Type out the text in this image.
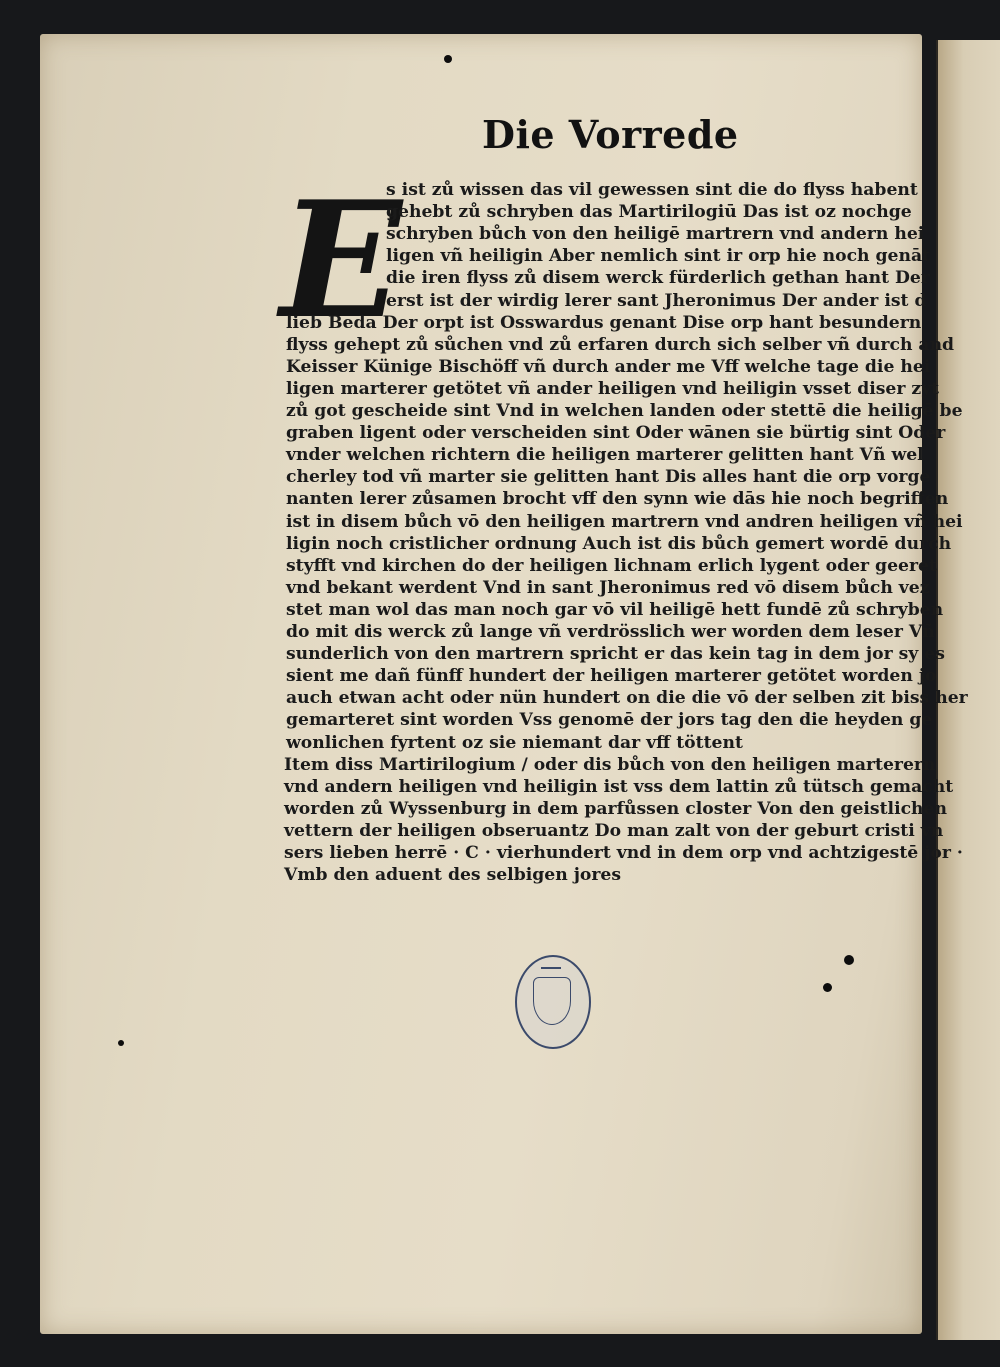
Die Vorrede
E
s ist zů wissen das vil gewessen sint die do flyss habent
gehebt zů schryben das Martirilogiū Das ist oz nochge
schryben bůch von den heiligē martrern vnd andern hei
ligen vñ heiligin Aber nemlich sint ir orp hie noch genāt
die iren flyss zů disem werck fürderlich gethan hant Der
erst ist der wirdig lerer sant Jheronimus Der ander ist d
lieb Beda Der orpt ist Osswardus genant Dise orp hant besundern
flyss gehept zů sůchen vnd zů erfaren durch sich selber vñ durch and
Keisser Künige Bischöff vñ durch ander me Vff welche tage die hei
ligen marterer getötet vñ ander heiligen vnd heiligin vsset diser zyt
zů got gescheide sint Vnd in welchen landen oder stettē die heiligē be
graben ligent oder verscheiden sint Oder wānen sie bürtig sint Oder
vnder welchen richtern die heiligen marterer gelitten hant Vñ wel
cherley tod vñ marter sie gelitten hant Dis alles hant die orp vorge
nanten lerer zůsamen brocht vff den synn wie dās hie noch begriffen
ist in disem bůch vō den heiligen martrern vnd andren heiligen vñ hei
ligin noch cristlicher ordnung Auch ist dis bůch gemert wordē durch
styfft vnd kirchen do der heiligen lichnam erlich lygent oder geeret
vnd bekant werdent Vnd in sant Jheronimus red vō disem bůch vez
stet man wol das man noch gar vō vil heiligē hett fundē zů schryben
do mit dis werck zů lange vñ verdrösslich wer worden dem leser Vñ
sunderlich von den martrern spricht er das kein tag in dem jor sy es
sient me dañ fünff hundert der heiligen marterer getötet worden jo
auch etwan acht oder nün hundert on die die vō der selben zit biss her
gemarteret sint worden Vss genomē der jors tag den die heyden ge
wonlichen fyrtent oz sie niemant dar vff töttent
Item diss Martirilogium / oder dis bůch von den heiligen marterern
vnd andern heiligen vnd heiligin ist vss dem lattin zů tütsch gemacht
worden zů Wyssenburg in dem parfůssen closter Von den geistlichen
vettern der heiligen obseruantz Do man zalt von der geburt cristi vn
sers lieben herrē · C · vierhundert vnd in dem orp vnd achtzigestē jor ·
Vmb den aduent des selbigen jores
